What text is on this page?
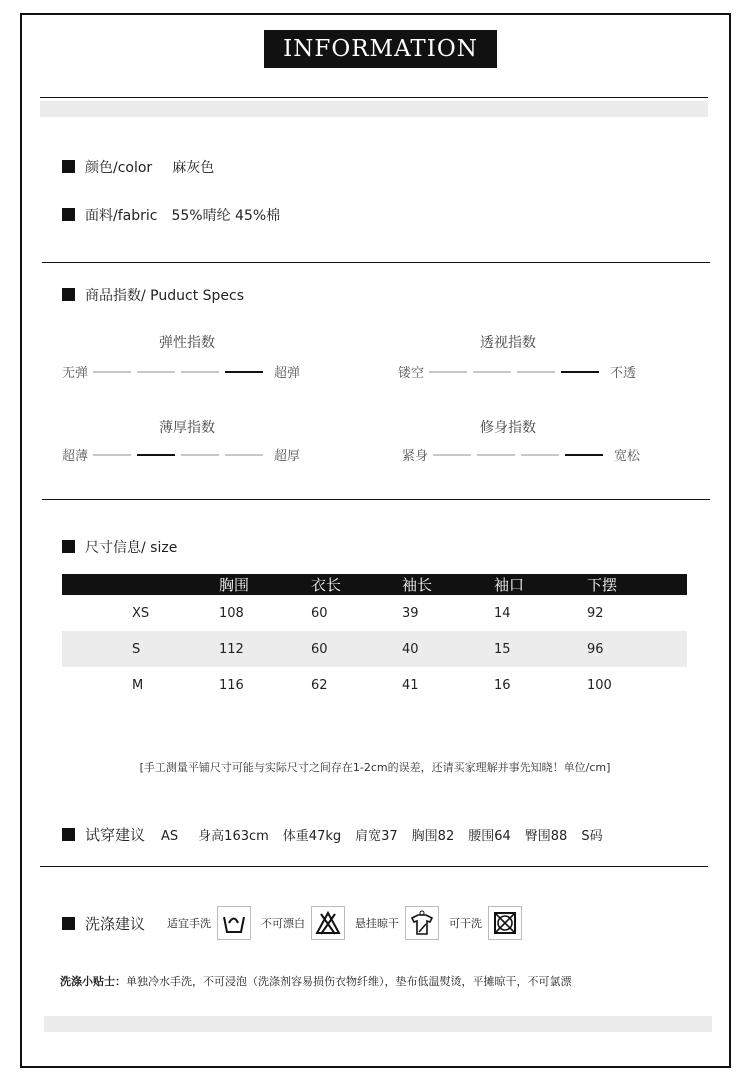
INFORMATION
颜色/color 麻灰色
面料/fabric 55%晴纶 45%棉
商品指数/ Puduct Specs
弹性指数
无弹	超弹
透视指数
镂空	不透
薄厚指数
超薄	超厚
修身指数
紧身	宽松
尺寸信息/ size
	胸围	衣长	袖长	袖口	下摆
XS	108	60	39	14	92
S	112	60	40	15	96
M	116	62	41	16	100
[手工测量平铺尺寸可能与实际尺寸之间存在1-2cm的误差，还请买家理解并事先知晓！单位/cm]
试穿建议 AS 身高163cm 体重47kg 肩宽37 胸围82 腰围64 臀围88 S码
洗涤建议 适宜手洗	不可漂白	悬挂晾干	可干洗
洗涤小贴士：单独冷水手洗，不可浸泡（洗涤剂容易损伤衣物纤维），垫布低温熨烫，平摊晾干，不可氯漂
